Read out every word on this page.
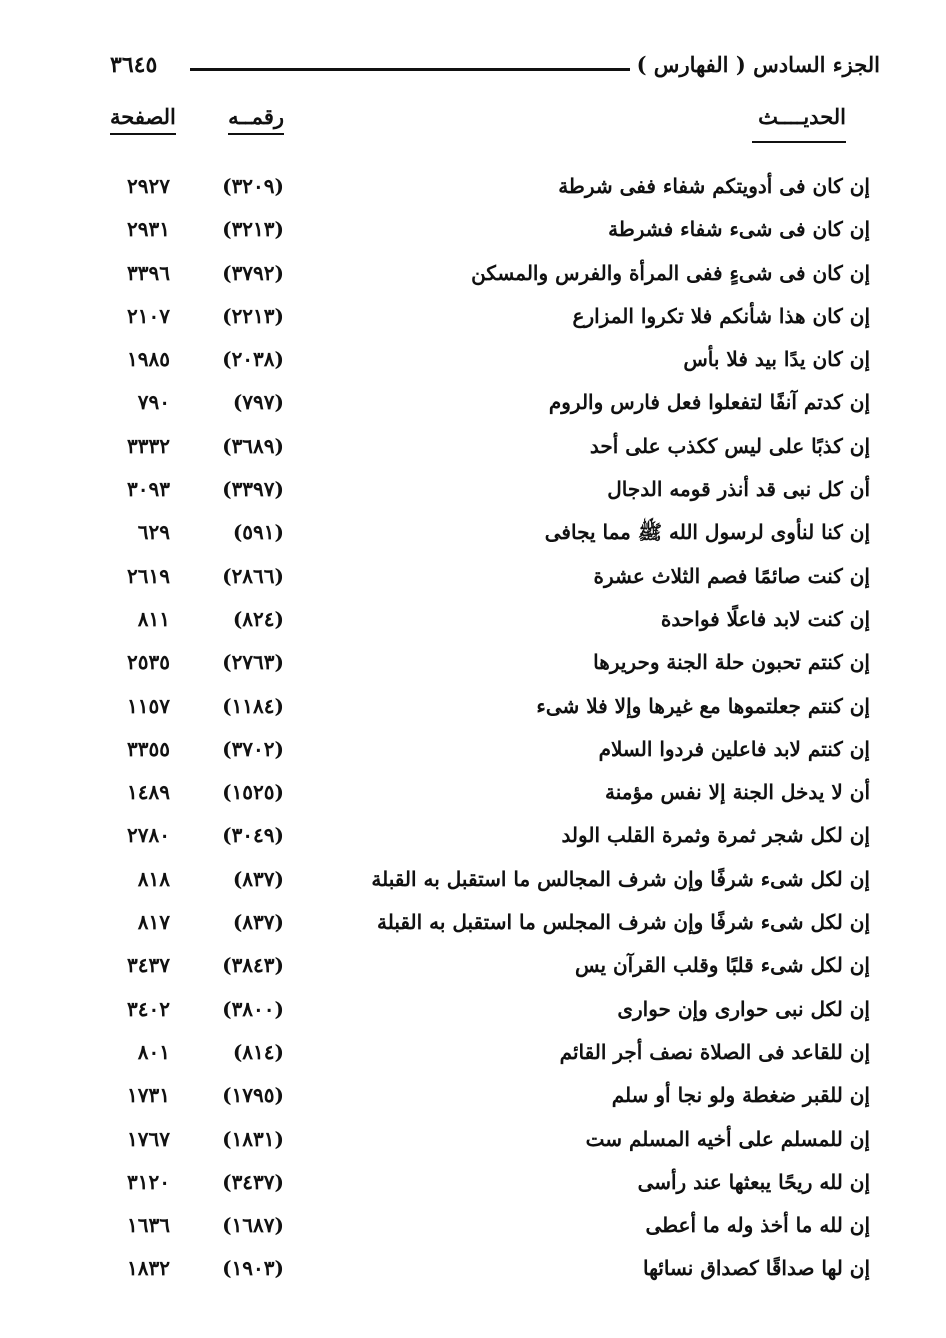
الجزء السادس ( الفهارس )
٣٦٤٥
الحديــــث
رقمــه
الصفحة
إن كان فى أدويتكم شفاء ففى شرطة
(٣٢٠٩)
٢٩٢٧
إن كان فى شىء شفاء فشرطة
(٣٢١٣)
٢٩٣١
إن كان فى شىءٍ ففى المرأة والفرس والمسكن
(٣٧٩٢)
٣٣٩٦
إن كان هذا شأنكم فلا تكروا المزارع
(٢٢١٣)
٢١٠٧
إن كان يدًا بيد فلا بأس
(٢٠٣٨)
١٩٨٥
إن كدتم آنفًا لتفعلوا فعل فارس والروم
(٧٩٧)
٧٩٠
إن كذبًا على ليس ككذب على أحد
(٣٦٨٩)
٣٣٣٢
أن كل نبى قد أنذر قومه الدجال
(٣٣٩٧)
٣٠٩٣
إن كنا لنأوى لرسول الله ﷺ مما يجافى
(٥٩١)
٦٢٩
إن كنت صائمًا فصم الثلاث عشرة
(٢٨٦٦)
٢٦١٩
إن كنت لابد فاعلًا فواحدة
(٨٢٤)
٨١١
إن كنتم تحبون حلة الجنة وحريرها
(٢٧٦٣)
٢٥٣٥
إن كنتم جعلتموها مع غيرها وإلا فلا شىء
(١١٨٤)
١١٥٧
إن كنتم لابد فاعلين فردوا السلام
(٣٧٠٢)
٣٣٥٥
أن لا يدخل الجنة إلا نفس مؤمنة
(١٥٢٥)
١٤٨٩
إن لكل شجر ثمرة وثمرة القلب الولد
(٣٠٤٩)
٢٧٨٠
إن لكل شىء شرفًا وإن شرف المجالس ما استقبل به القبلة
(٨٣٧)
٨١٨
إن لكل شىء شرفًا وإن شرف المجلس ما استقبل به القبلة
(٨٣٧)
٨١٧
إن لكل شىء قلبًا وقلب القرآن يس
(٣٨٤٣)
٣٤٣٧
إن لكل نبى حوارى وإن حوارى
(٣٨٠٠)
٣٤٠٢
إن للقاعد فى الصلاة نصف أجر القائم
(٨١٤)
٨٠١
إن للقبر ضغطة ولو نجا أو سلم
(١٧٩٥)
١٧٣١
إن للمسلم على أخيه المسلم ست
(١٨٣١)
١٧٦٧
إن لله ريحًا يبعثها عند رأسى
(٣٤٣٧)
٣١٢٠
إن لله ما أخذ وله ما أعطى
(١٦٨٧)
١٦٣٦
إن لها صداقًا كصداق نسائها
(١٩٠٣)
١٨٣٢
